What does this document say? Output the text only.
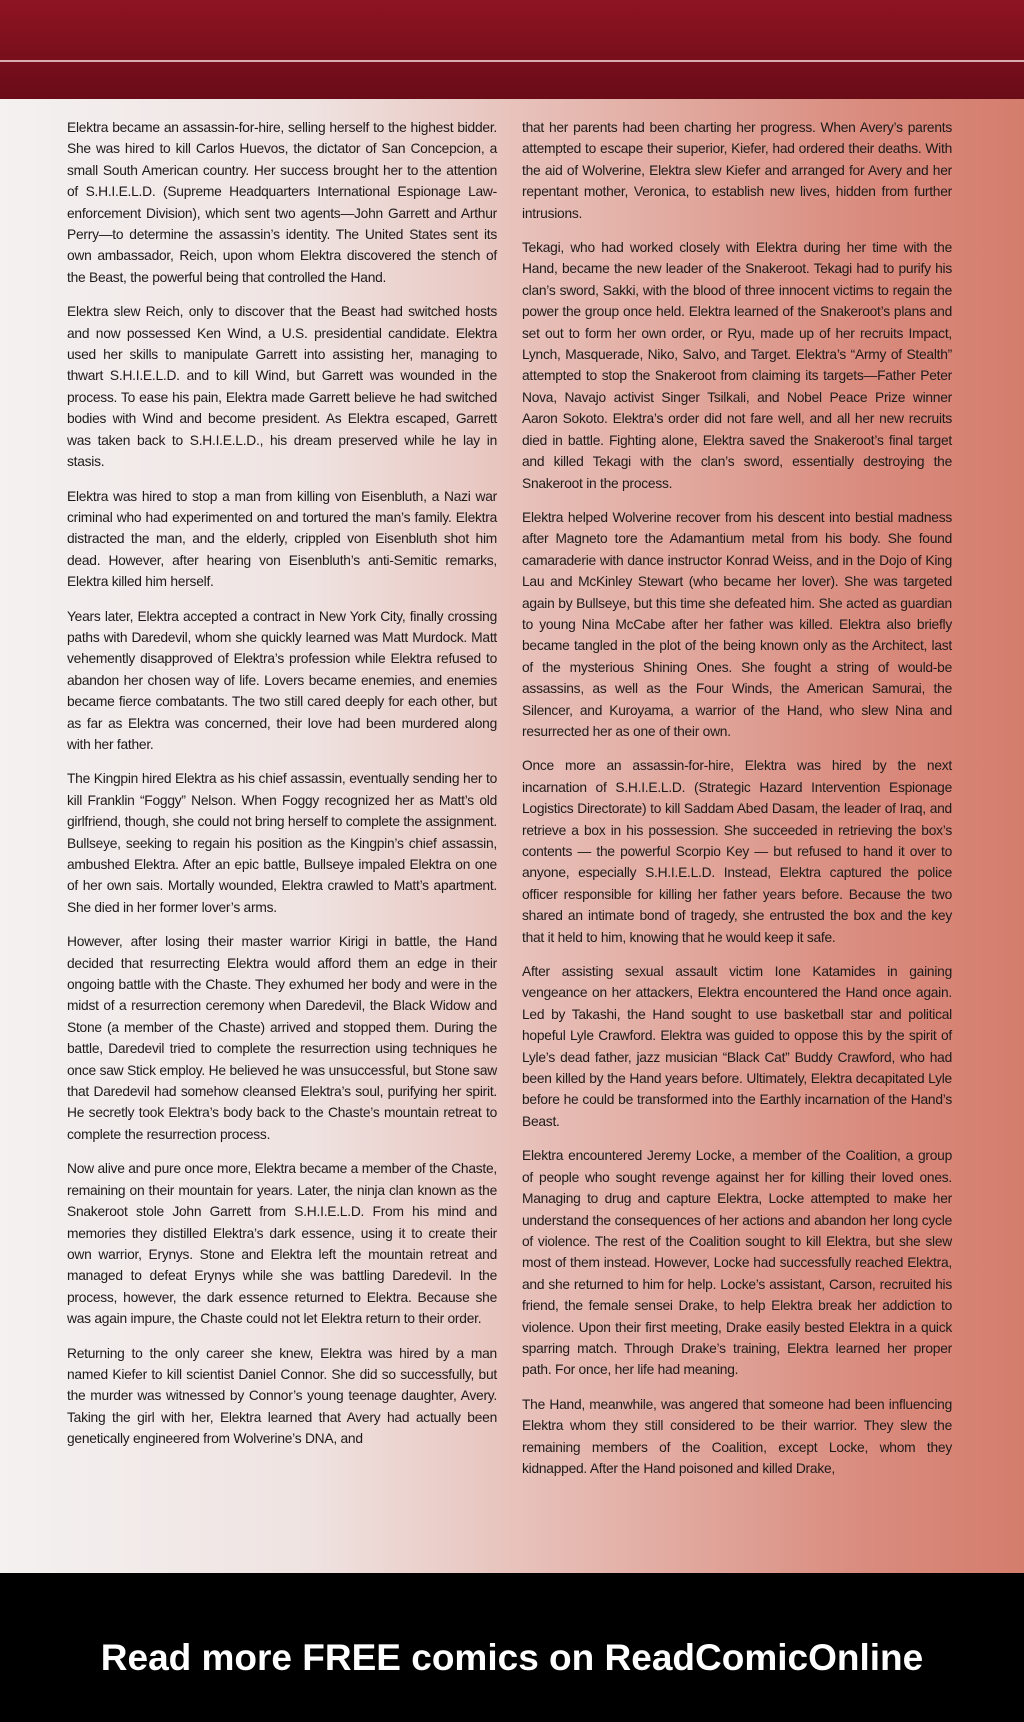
Elektra became an assassin-for-hire, selling herself to the highest bidder. She was hired to kill Carlos Huevos, the dictator of San Concepcion, a small South American country. Her success brought her to the attention of S.H.I.E.L.D. (Supreme Headquarters International Espionage Law-enforcement Division), which sent two agents—John Garrett and Arthur Perry—to determine the assassin’s identity. The United States sent its own ambassador, Reich, upon whom Elektra discovered the stench of the Beast, the powerful being that controlled the Hand.

Elektra slew Reich, only to discover that the Beast had switched hosts and now possessed Ken Wind, a U.S. presidential candidate. Elektra used her skills to manipulate Garrett into assisting her, managing to thwart S.H.I.E.L.D. and to kill Wind, but Garrett was wounded in the process. To ease his pain, Elektra made Garrett believe he had switched bodies with Wind and become president. As Elektra escaped, Garrett was taken back to S.H.I.E.L.D., his dream preserved while he lay in stasis.

Elektra was hired to stop a man from killing von Eisenbluth, a Nazi war criminal who had experimented on and tortured the man’s family. Elektra distracted the man, and the elderly, crippled von Eisenbluth shot him dead. However, after hearing von Eisenbluth’s anti-Semitic remarks, Elektra killed him herself.

Years later, Elektra accepted a contract in New York City, finally crossing paths with Daredevil, whom she quickly learned was Matt Murdock. Matt vehemently disapproved of Elektra’s profession while Elektra refused to abandon her chosen way of life. Lovers became enemies, and enemies became fierce combatants. The two still cared deeply for each other, but as far as Elektra was concerned, their love had been murdered along with her father.

The Kingpin hired Elektra as his chief assassin, eventually sending her to kill Franklin “Foggy” Nelson. When Foggy recognized her as Matt’s old girlfriend, though, she could not bring herself to complete the assignment. Bullseye, seeking to regain his position as the Kingpin’s chief assassin, ambushed Elektra. After an epic battle, Bullseye impaled Elektra on one of her own sais. Mortally wounded, Elektra crawled to Matt’s apartment. She died in her former lover’s arms.

However, after losing their master warrior Kirigi in battle, the Hand decided that resurrecting Elektra would afford them an edge in their ongoing battle with the Chaste. They exhumed her body and were in the midst of a resurrection ceremony when Daredevil, the Black Widow and Stone (a member of the Chaste) arrived and stopped them. During the battle, Daredevil tried to complete the resurrection using techniques he once saw Stick employ. He believed he was unsuccessful, but Stone saw that Daredevil had somehow cleansed Elektra’s soul, purifying her spirit. He secretly took Elektra’s body back to the Chaste’s mountain retreat to complete the resurrection process.

Now alive and pure once more, Elektra became a member of the Chaste, remaining on their mountain for years. Later, the ninja clan known as the Snakeroot stole John Garrett from S.H.I.E.L.D. From his mind and memories they distilled Elektra’s dark essence, using it to create their own warrior, Erynys. Stone and Elektra left the mountain retreat and managed to defeat Erynys while she was battling Daredevil. In the process, however, the dark essence returned to Elektra. Because she was again impure, the Chaste could not let Elektra return to their order.

Returning to the only career she knew, Elektra was hired by a man named Kiefer to kill scientist Daniel Connor. She did so successfully, but the murder was witnessed by Connor’s young teenage daughter, Avery. Taking the girl with her, Elektra learned that Avery had actually been genetically engineered from Wolverine’s DNA, and

that her parents had been charting her progress. When Avery’s parents attempted to escape their superior, Kiefer, had ordered their deaths. With the aid of Wolverine, Elektra slew Kiefer and arranged for Avery and her repentant mother, Veronica, to establish new lives, hidden from further intrusions.

Tekagi, who had worked closely with Elektra during her time with the Hand, became the new leader of the Snakeroot. Tekagi had to purify his clan’s sword, Sakki, with the blood of three innocent victims to regain the power the group once held. Elektra learned of the Snakeroot’s plans and set out to form her own order, or Ryu, made up of her recruits Impact, Lynch, Masquerade, Niko, Salvo, and Target. Elektra’s “Army of Stealth” attempted to stop the Snakeroot from claiming its targets—Father Peter Nova, Navajo activist Singer Tsilkali, and Nobel Peace Prize winner Aaron Sokoto. Elektra’s order did not fare well, and all her new recruits died in battle. Fighting alone, Elektra saved the Snakeroot’s final target and killed Tekagi with the clan’s sword, essentially destroying the Snakeroot in the process.

Elektra helped Wolverine recover from his descent into bestial madness after Magneto tore the Adamantium metal from his body. She found camaraderie with dance instructor Konrad Weiss, and in the Dojo of King Lau and McKinley Stewart (who became her lover). She was targeted again by Bullseye, but this time she defeated him. She acted as guardian to young Nina McCabe after her father was killed. Elektra also briefly became tangled in the plot of the being known only as the Architect, last of the mysterious Shining Ones. She fought a string of would-be assassins, as well as the Four Winds, the American Samurai, the Silencer, and Kuroyama, a warrior of the Hand, who slew Nina and resurrected her as one of their own.

Once more an assassin-for-hire, Elektra was hired by the next incarnation of S.H.I.E.L.D. (Strategic Hazard Intervention Espionage Logistics Directorate) to kill Saddam Abed Dasam, the leader of Iraq, and retrieve a box in his possession. She succeeded in retrieving the box’s contents — the powerful Scorpio Key — but refused to hand it over to anyone, especially S.H.I.E.L.D. Instead, Elektra captured the police officer responsible for killing her father years before. Because the two shared an intimate bond of tragedy, she entrusted the box and the key that it held to him, knowing that he would keep it safe.

After assisting sexual assault victim Ione Katamides in gaining vengeance on her attackers, Elektra encountered the Hand once again. Led by Takashi, the Hand sought to use basketball star and political hopeful Lyle Crawford. Elektra was guided to oppose this by the spirit of Lyle’s dead father, jazz musician “Black Cat” Buddy Crawford, who had been killed by the Hand years before. Ultimately, Elektra decapitated Lyle before he could be transformed into the Earthly incarnation of the Hand’s Beast.

Elektra encountered Jeremy Locke, a member of the Coalition, a group of people who sought revenge against her for killing their loved ones. Managing to drug and capture Elektra, Locke attempted to make her understand the consequences of her actions and abandon her long cycle of violence. The rest of the Coalition sought to kill Elektra, but she slew most of them instead. However, Locke had successfully reached Elektra, and she returned to him for help. Locke’s assistant, Carson, recruited his friend, the female sensei Drake, to help Elektra break her addiction to violence. Upon their first meeting, Drake easily bested Elektra in a quick sparring match. Through Drake’s training, Elektra learned her proper path. For once, her life had meaning.

The Hand, meanwhile, was angered that someone had been influencing Elektra whom they still considered to be their warrior. They slew the remaining members of the Coalition, except Locke, whom they kidnapped. After the Hand poisoned and killed Drake,

Read more FREE comics on ReadComicOnline
